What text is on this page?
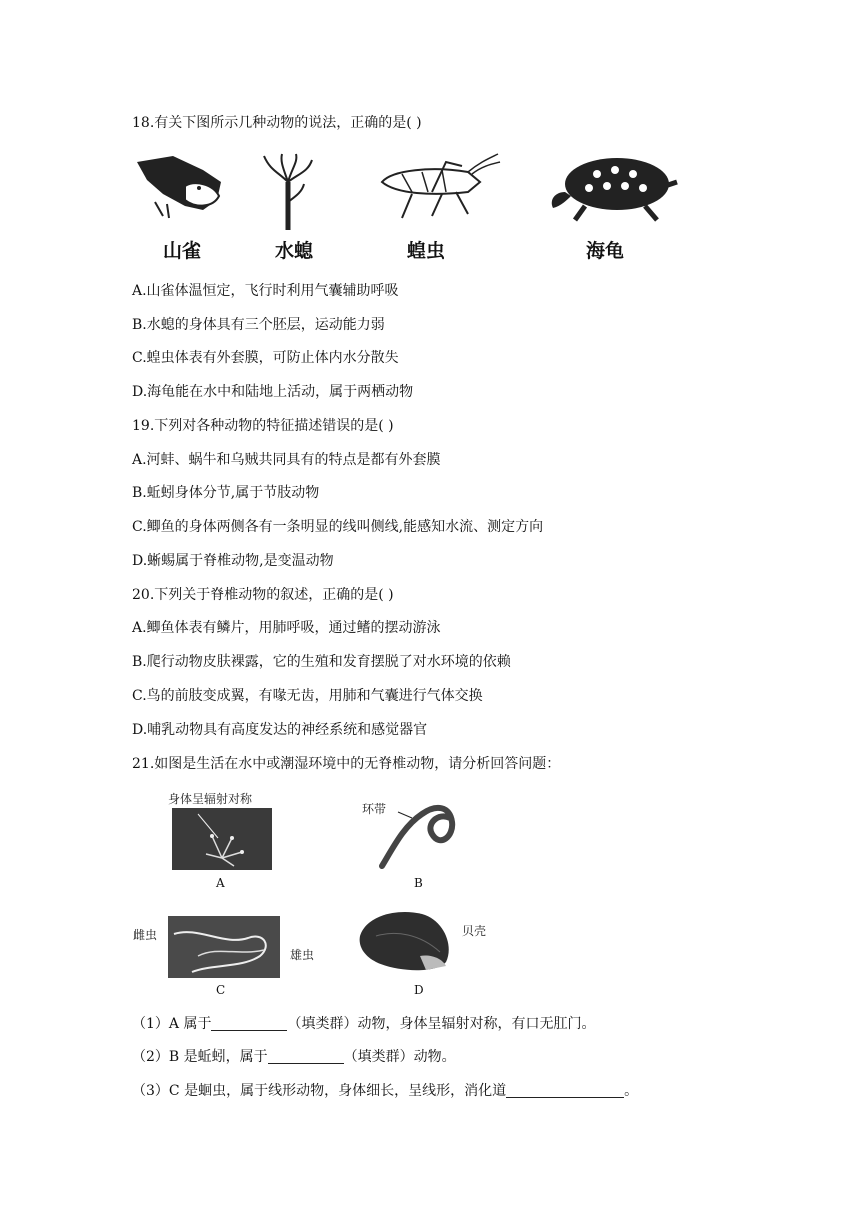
18.有关下图所示几种动物的说法，正确的是( )
山雀	水螅	蝗虫	海龟
A.山雀体温恒定，飞行时利用气囊辅助呼吸
B.水螅的身体具有三个胚层，运动能力弱
C.蝗虫体表有外套膜，可防止体内水分散失
D.海龟能在水中和陆地上活动，属于两栖动物
19.下列对各种动物的特征描述错误的是( )
A.河蚌、蜗牛和乌贼共同具有的特点是都有外套膜
B.蚯蚓身体分节,属于节肢动物
C.鲫鱼的身体两侧各有一条明显的线叫侧线,能感知水流、测定方向
D.蜥蜴属于脊椎动物,是变温动物
20.下列关于脊椎动物的叙述，正确的是( )
A.鲫鱼体表有鳞片，用肺呼吸，通过鳍的摆动游泳
B.爬行动物皮肤裸露，它的生殖和发育摆脱了对水环境的依赖
C.鸟的前肢变成翼，有喙无齿，用肺和气囊进行气体交换
D.哺乳动物具有高度发达的神经系统和感觉器官
21.如图是生活在水中或潮湿环境中的无脊椎动物，请分析回答问题：
身体呈辐射对称
A
环带
B
雌虫
雄虫
C
贝壳
D
（1）A 属于	（填类群）动物，身体呈辐射对称，有口无肛门。
（2）B 是蚯蚓，属于	（填类群）动物。
（3）C 是蛔虫，属于线形动物，身体细长，呈线形，消化道	。
